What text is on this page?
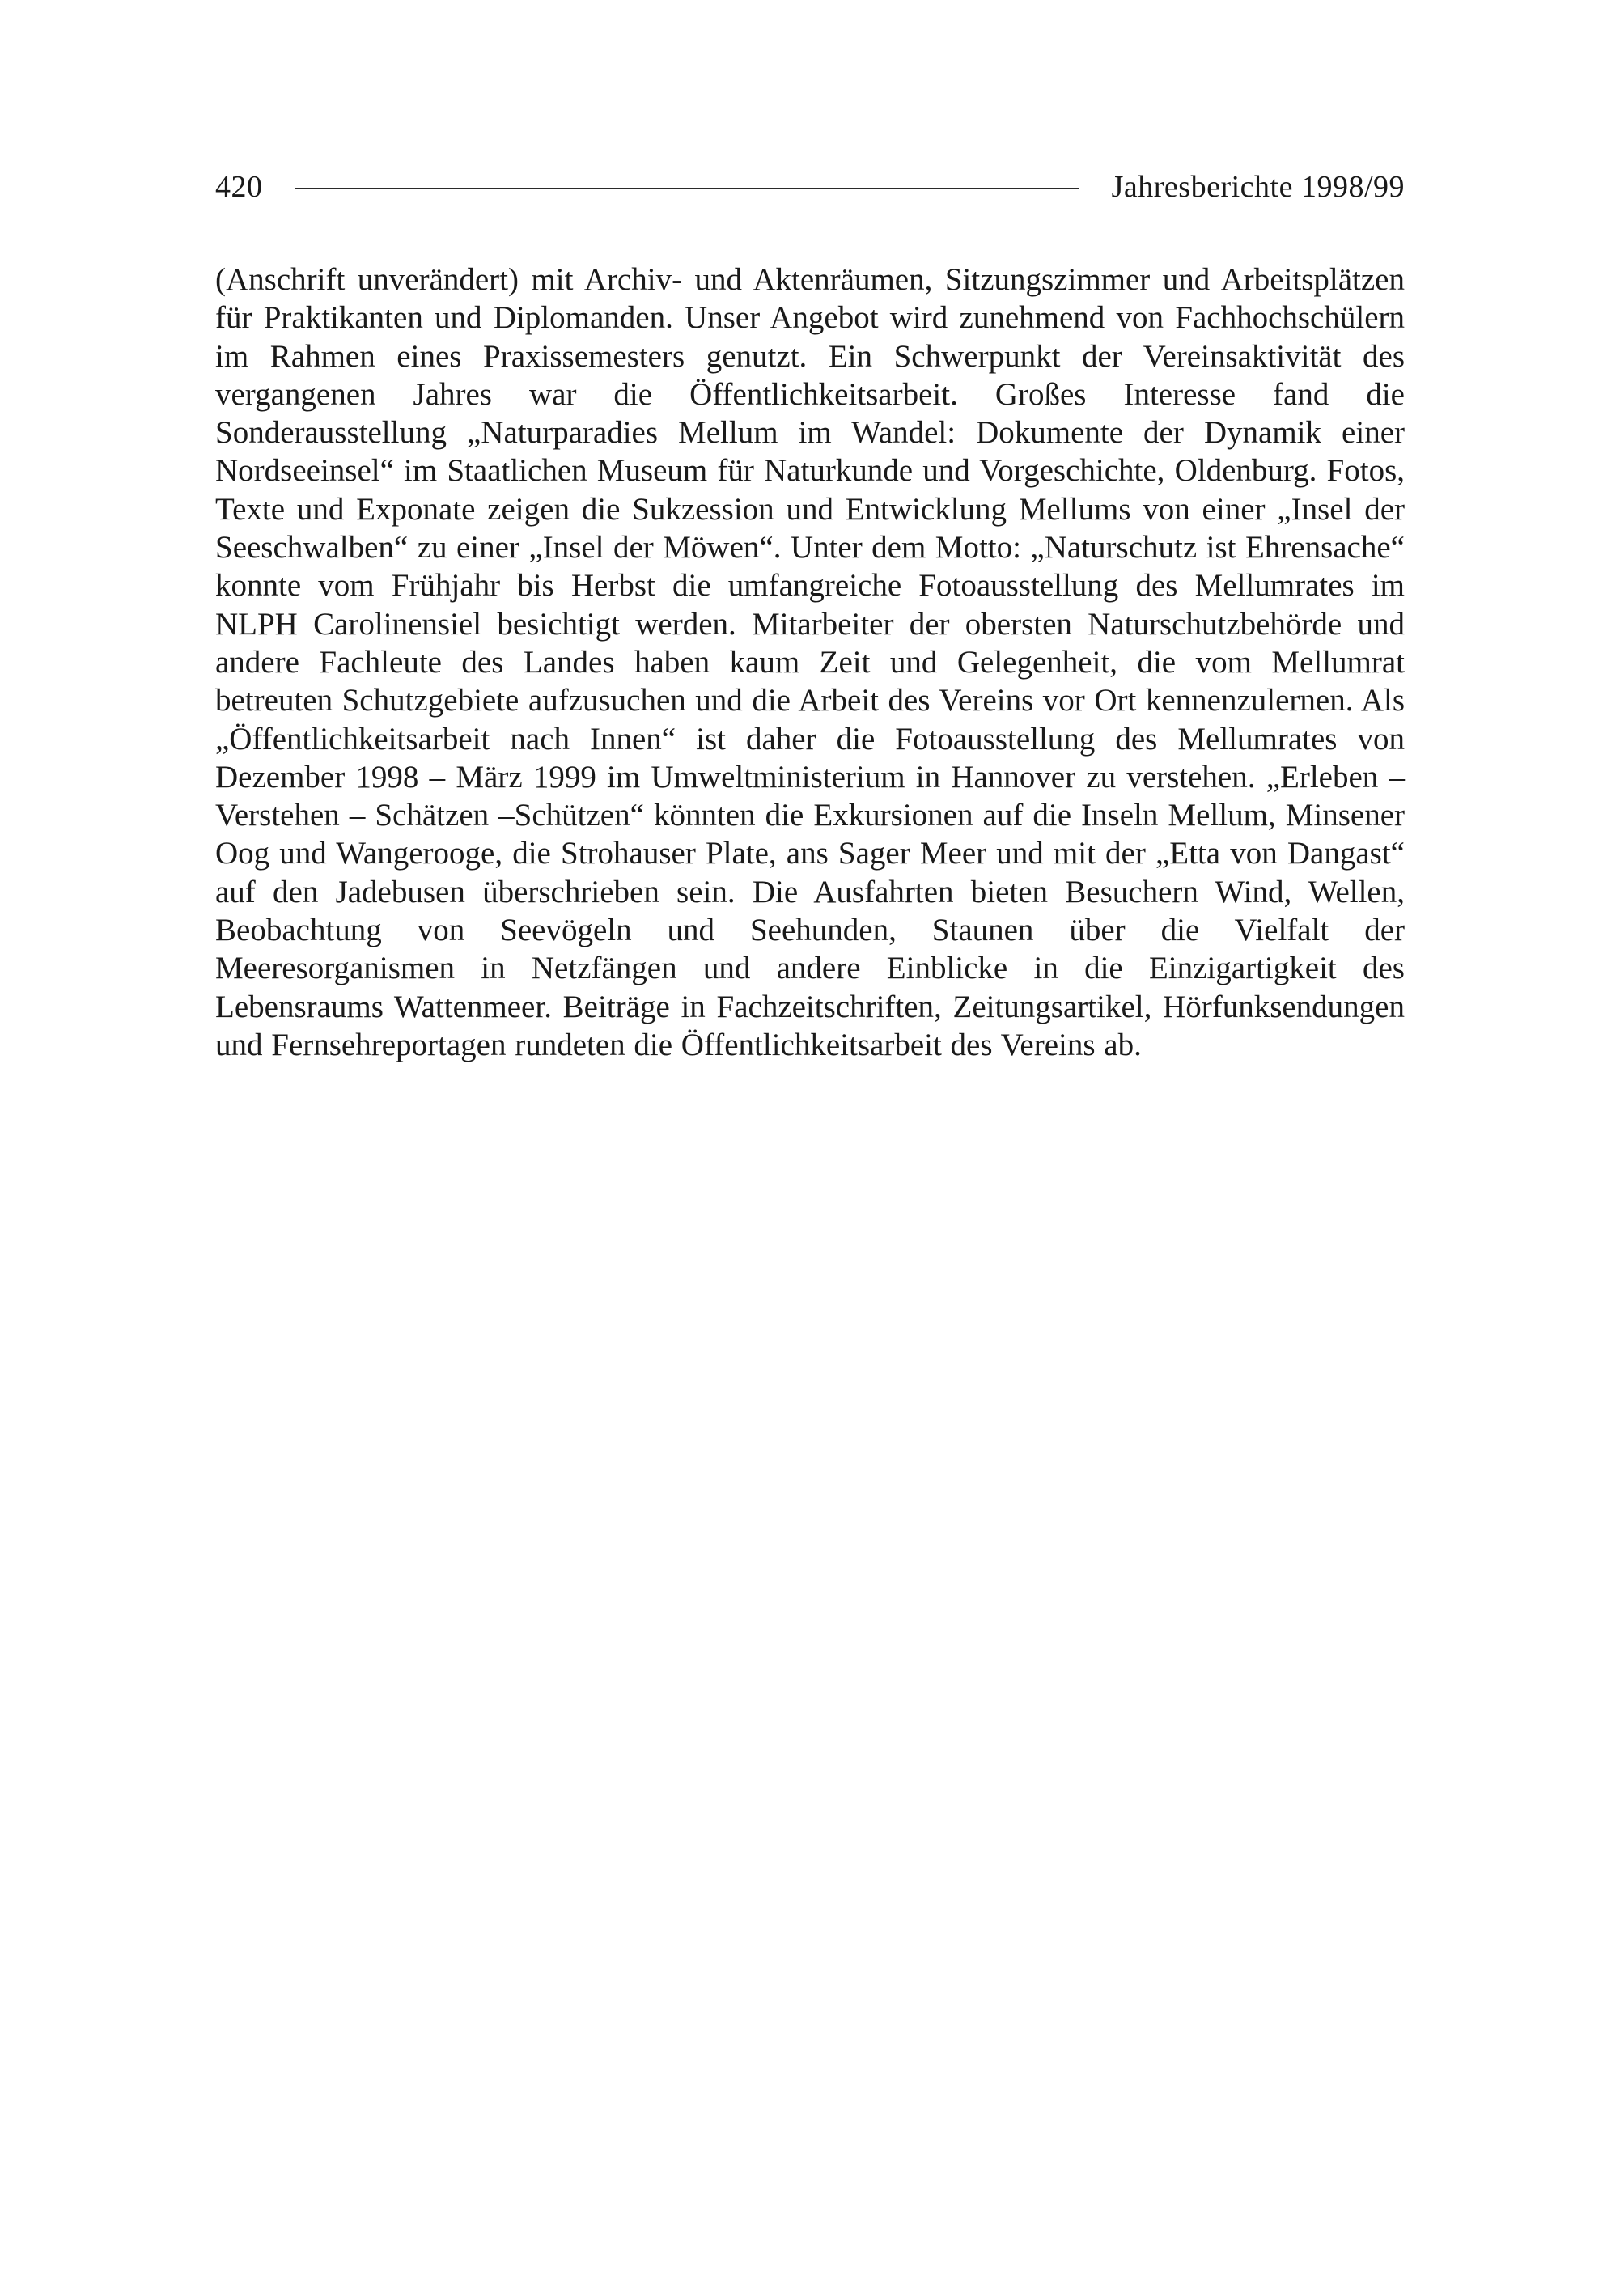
420	Jahresberichte 1998/99

(Anschrift unverändert) mit Archiv- und Aktenräumen, Sitzungszimmer und Arbeitsplätzen für Praktikanten und Diplomanden. Unser Angebot wird zunehmend von Fachhochschülern im Rahmen eines Praxissemesters genutzt. Ein Schwerpunkt der Vereinsaktivität des vergangenen Jahres war die Öffentlichkeitsarbeit. Großes Interesse fand die Sonderausstellung „Naturparadies Mellum im Wandel: Dokumente der Dynamik einer Nordseeinsel“ im Staatlichen Museum für Naturkunde und Vorgeschichte, Oldenburg. Fotos, Texte und Exponate zeigen die Sukzession und Entwicklung Mellums von einer „Insel der Seeschwalben“ zu einer „Insel der Möwen“. Unter dem Motto: „Naturschutz ist Ehrensache“ konnte vom Frühjahr bis Herbst die umfangreiche Fotoausstellung des Mellumrates im NLPH Carolinensiel besichtigt werden. Mitarbeiter der obersten Naturschutzbehörde und andere Fachleute des Landes haben kaum Zeit und Gelegenheit, die vom Mellumrat betreuten Schutzgebiete aufzusuchen und die Arbeit des Vereins vor Ort kennenzulernen. Als „Öffentlichkeitsarbeit nach Innen“ ist daher die Fotoausstellung des Mellumrates von Dezember 1998 – März 1999 im Umweltministerium in Hannover zu verstehen. „Erleben – Verstehen – Schätzen –Schützen“ könnten die Exkursionen auf die Inseln Mellum, Minsener Oog und Wangerooge, die Strohauser Plate, ans Sager Meer und mit der „Etta von Dangast“ auf den Jadebusen überschrieben sein. Die Ausfahrten bieten Besuchern Wind, Wellen, Beobachtung von Seevögeln und Seehunden, Staunen über die Vielfalt der Meeresorganismen in Netzfängen und andere Einblicke in die Einzigartigkeit des Lebensraums Wattenmeer. Beiträge in Fachzeitschriften, Zeitungsartikel, Hörfunksendungen und Fernsehreportagen rundeten die Öffentlichkeitsarbeit des Vereins ab.
